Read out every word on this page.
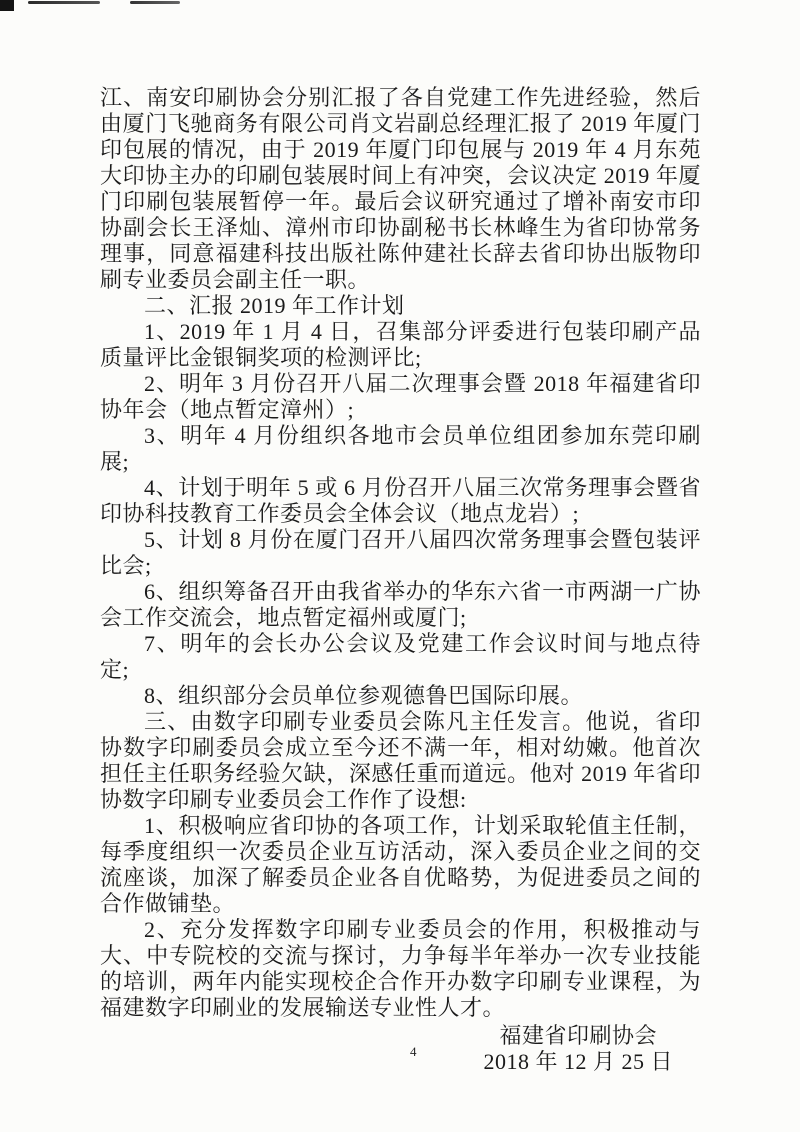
江、南安印刷协会分别汇报了各自党建工作先进经验，然后由厦门飞驰商务有限公司肖文岩副总经理汇报了 2019 年厦门印包展的情况，由于 2019 年厦门印包展与 2019 年 4 月东苑大印协主办的印刷包装展时间上有冲突，会议决定 2019 年厦门印刷包装展暂停一年。最后会议研究通过了增补南安市印协副会长王泽灿、漳州市印协副秘书长林峰生为省印协常务理事，同意福建科技出版社陈仲建社长辞去省印协出版物印刷专业委员会副主任一职。

二、汇报 2019 年工作计划

1、2019 年 1 月 4 日，召集部分评委进行包装印刷产品质量评比金银铜奖项的检测评比;

2、明年 3 月份召开八届二次理事会暨 2018 年福建省印协年会（地点暂定漳州）;

3、明年 4 月份组织各地市会员单位组团参加东莞印刷展;

4、计划于明年 5 或 6 月份召开八届三次常务理事会暨省印协科技教育工作委员会全体会议（地点龙岩）;

5、计划 8 月份在厦门召开八届四次常务理事会暨包装评比会;

6、组织筹备召开由我省举办的华东六省一市两湖一广协会工作交流会，地点暂定福州或厦门;

7、明年的会长办公会议及党建工作会议时间与地点待定;

8、组织部分会员单位参观德鲁巴国际印展。

三、由数字印刷专业委员会陈凡主任发言。他说，省印协数字印刷委员会成立至今还不满一年，相对幼嫩。他首次担任主任职务经验欠缺，深感任重而道远。他对 2019 年省印协数字印刷专业委员会工作作了设想:

1、积极响应省印协的各项工作，计划采取轮值主任制，每季度组织一次委员企业互访活动，深入委员企业之间的交流座谈，加深了解委员企业各自优略势，为促进委员之间的合作做铺垫。

2、充分发挥数字印刷专业委员会的作用，积极推动与大、中专院校的交流与探讨，力争每半年举办一次专业技能的培训，两年内能实现校企合作开办数字印刷专业课程，为福建数字印刷业的发展输送专业性人才。

福建省印刷协会
2018 年 12 月 25 日
4
